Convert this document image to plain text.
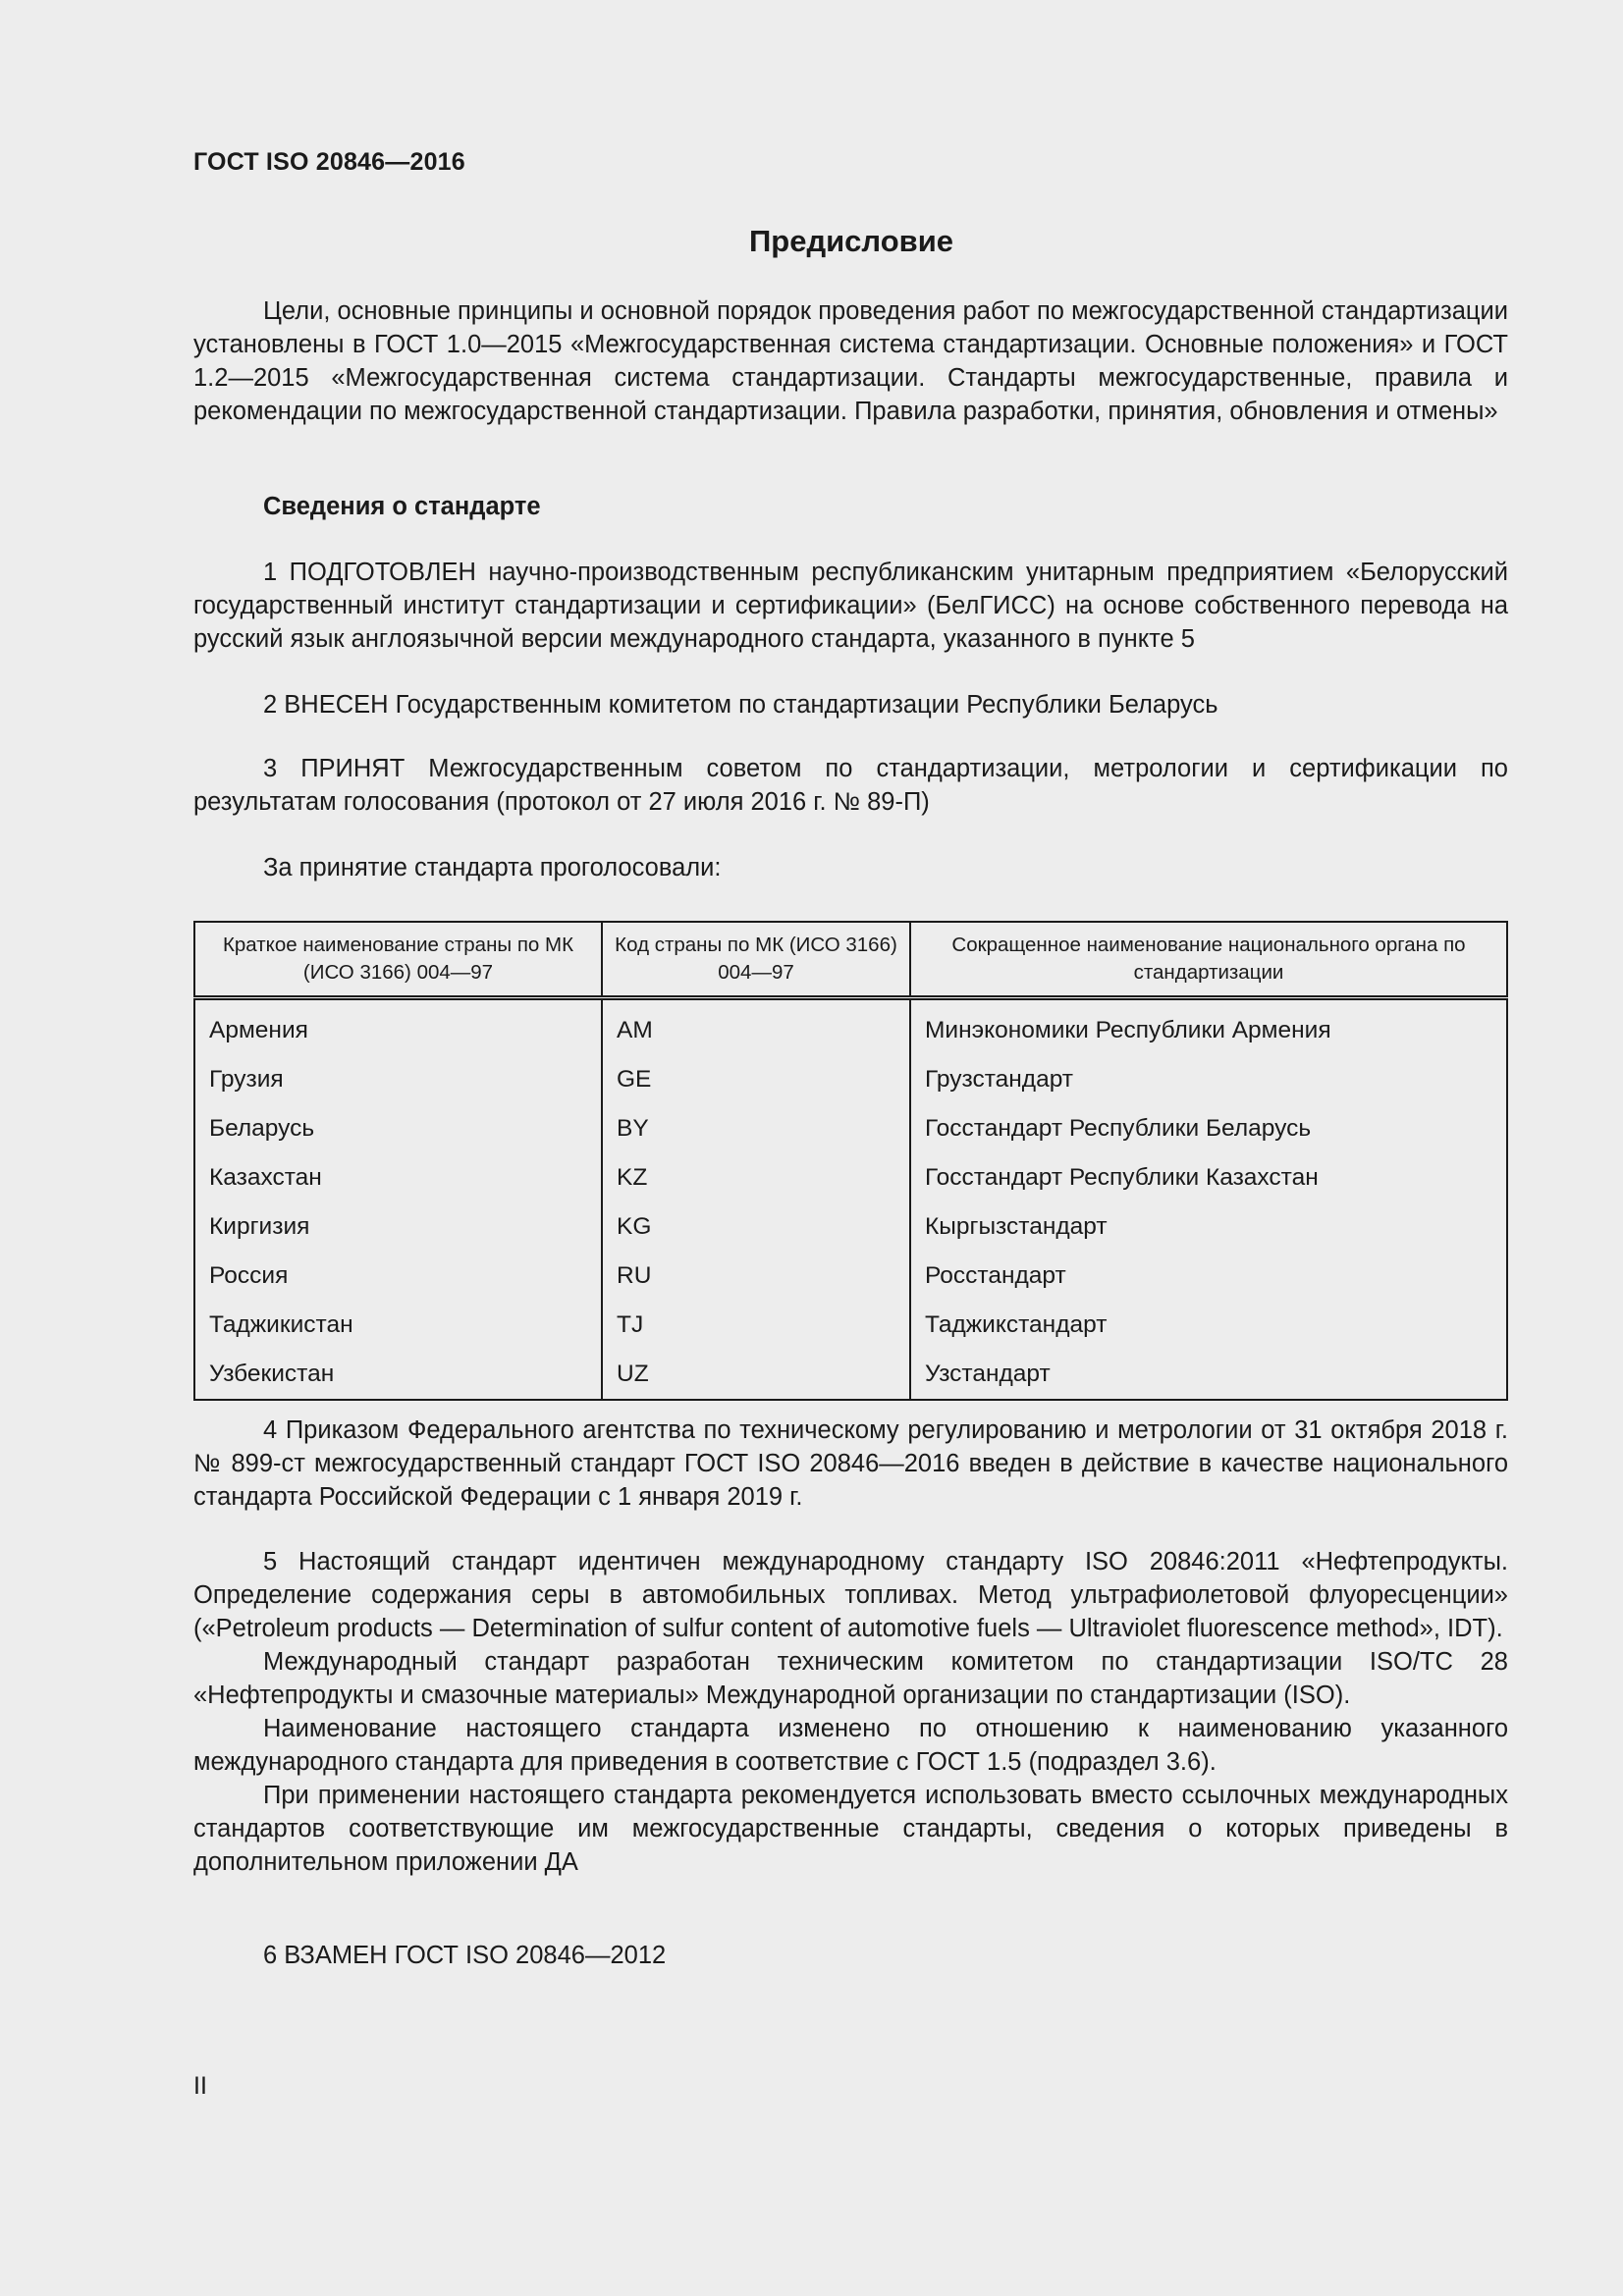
ГОСТ ISO 20846—2016
Предисловие
Цели, основные принципы и основной порядок проведения работ по межгосударственной стандартизации установлены в ГОСТ 1.0—2015 «Межгосударственная система стандартизации. Основные положения» и ГОСТ 1.2—2015 «Межгосударственная система стандартизации. Стандарты межгосударственные, правила и рекомендации по межгосударственной стандартизации. Правила разработки, принятия, обновления и отмены»
Сведения о стандарте
1 ПОДГОТОВЛЕН научно-производственным республиканским унитарным предприятием «Белорусский государственный институт стандартизации и сертификации» (БелГИСС) на основе собственного перевода на русский язык англоязычной версии международного стандарта, указанного в пункте 5
2 ВНЕСЕН Государственным комитетом по стандартизации Республики Беларусь
3 ПРИНЯТ Межгосударственным советом по стандартизации, метрологии и сертификации по результатам голосования (протокол от 27 июля 2016 г. № 89-П)
За принятие стандарта проголосовали:
Краткое наименование страны по МК (ИСО 3166) 004—97	Код страны по МК (ИСО 3166) 004—97	Сокращенное наименование национального органа по стандартизации
Армения	AM	Минэкономики Республики Армения
Грузия	GE	Грузстандарт
Беларусь	BY	Госстандарт Республики Беларусь
Казахстан	KZ	Госстандарт Республики Казахстан
Киргизия	KG	Кыргызстандарт
Россия	RU	Росстандарт
Таджикистан	TJ	Таджикстандарт
Узбекистан	UZ	Узстандарт
4 Приказом Федерального агентства по техническому регулированию и метрологии от 31 октября 2018 г. № 899-ст межгосударственный стандарт ГОСТ ISO 20846—2016 введен в действие в качестве национального стандарта Российской Федерации с 1 января 2019 г.

5 Настоящий стандарт идентичен международному стандарту ISO 20846:2011 «Нефтепродукты. Определение содержания серы в автомобильных топливах. Метод ультрафиолетовой флуоресценции» («Petroleum products — Determination of sulfur content of automotive fuels — Ultraviolet fluorescence method», IDT).

Международный стандарт разработан техническим комитетом по стандартизации ISO/TC 28 «Нефтепродукты и смазочные материалы» Международной организации по стандартизации (ISO).

Наименование настоящего стандарта изменено по отношению к наименованию указанного международного стандарта для приведения в соответствие с ГОСТ 1.5 (подраздел 3.6).

При применении настоящего стандарта рекомендуется использовать вместо ссылочных международных стандартов соответствующие им межгосударственные стандарты, сведения о которых приведены в дополнительном приложении ДА

6 ВЗАМЕН ГОСТ ISO 20846—2012
II
